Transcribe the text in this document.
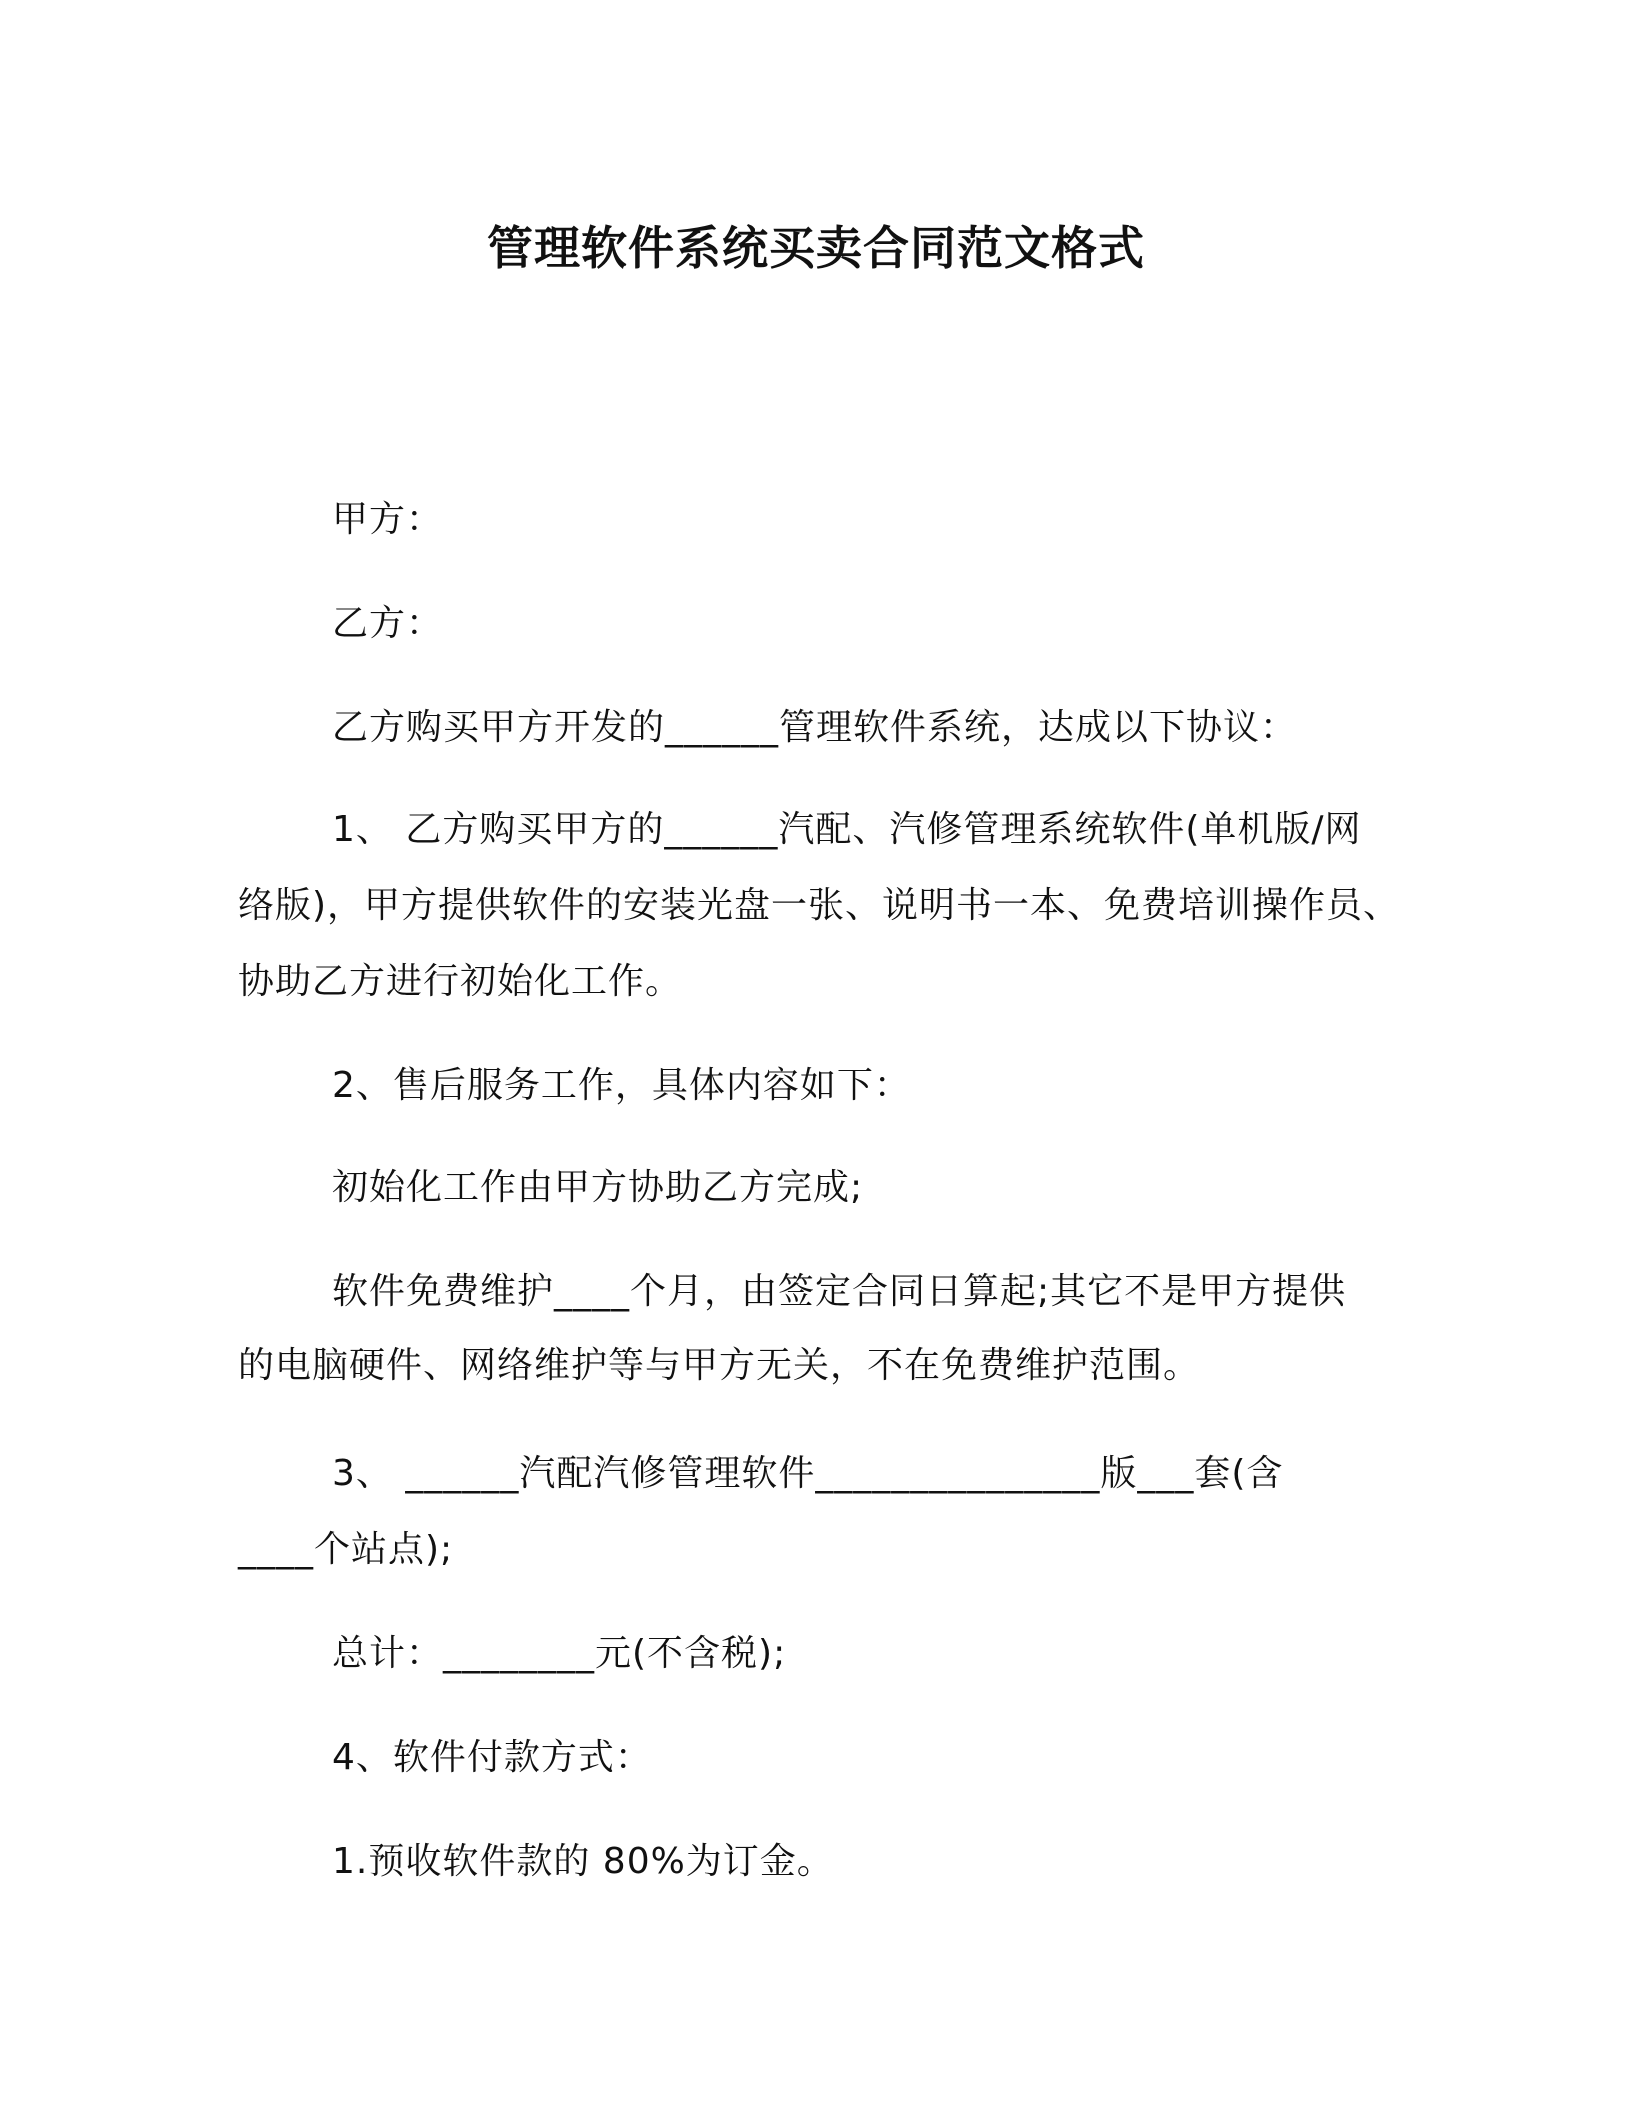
管理软件系统买卖合同范文格式
甲方：
乙方：
乙方购买甲方开发的______管理软件系统，达成以下协议：
1、 乙方购买甲方的______汽配、汽修管理系统软件(单机版/网
络版)，甲方提供软件的安装光盘一张、说明书一本、免费培训操作员、
协助乙方进行初始化工作。
2、售后服务工作，具体内容如下：
初始化工作由甲方协助乙方完成;
软件免费维护____个月，由签定合同日算起;其它不是甲方提供
的电脑硬件、网络维护等与甲方无关，不在免费维护范围。
3、 ______汽配汽修管理软件_______________版___套(含
____个站点);
总计：________元(不含税);
4、软件付款方式：
1.预收软件款的 80%为订金。
